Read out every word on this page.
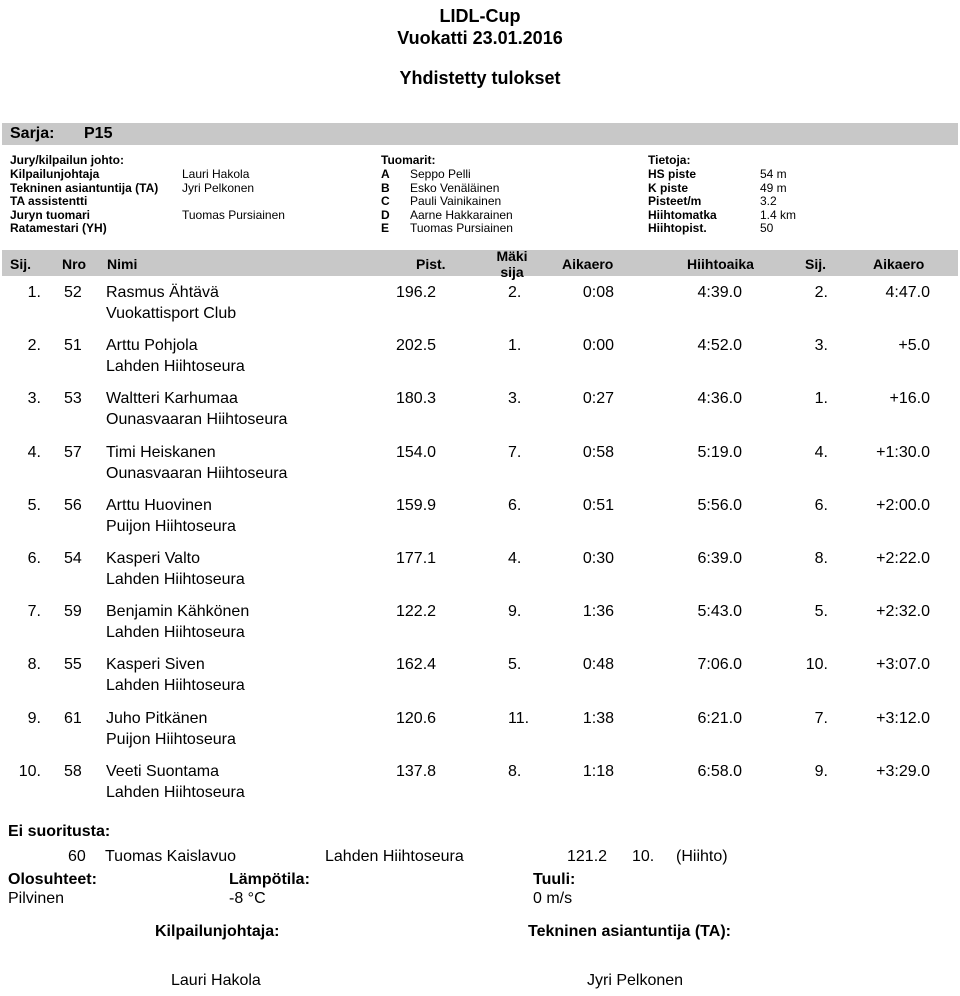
LIDL-Cup
Vuokatti 23.01.2016
Yhdistetty tulokset
Sarja: P15
Jury/kilpailun johto:
Kilpailunjohtaja	Lauri Hakola
Tekninen asiantuntija (TA) Jyri Pelkonen
TA assistentti
Juryn tuomari	Tuomas Pursiainen
Ratamestari (YH)
Tuomarit:
A Seppo Pelli
B Esko Venäläinen
C Pauli Vainikainen
D Aarne Hakkarainen
E Tuomas Pursiainen
Tietoja:
HS piste	54 m
K piste	49 m
Pisteet/m	3.2
Hiihtomatka	1.4 km
Hiihtopist.	50
Sij. Nro Nimi	Pist.	Mäki
sija	Aikaero	Hiihtoaika	Sij.	Aikaero
1. 52 Rasmus Ähtävä
Vuokattisport Club
196.2	2.	0:08	4:39.0	2.	4:47.0
2. 51 Arttu Pohjola
Lahden Hiihtoseura
202.5	1.	0:00	4:52.0	3.	+5.0
3. 53 Waltteri Karhumaa
Ounasvaaran Hiihtoseura
180.3	3.	0:27	4:36.0	1.	+16.0
4. 57 Timi Heiskanen
Ounasvaaran Hiihtoseura
154.0	7.	0:58	5:19.0	4.	+1:30.0
5. 56 Arttu Huovinen
Puijon Hiihtoseura
159.9	6.	0:51	5:56.0	6.	+2:00.0
6. 54 Kasperi Valto
Lahden Hiihtoseura
177.1	4.	0:30	6:39.0	8.	+2:22.0
7. 59 Benjamin Kähkönen
Lahden Hiihtoseura
122.2	9.	1:36	5:43.0	5.	+2:32.0
8. 55 Kasperi Siven
Lahden Hiihtoseura
162.4	5.	0:48	7:06.0	10.	+3:07.0
9. 61 Juho Pitkänen
Puijon Hiihtoseura
120.6	11.	1:38	6:21.0	7.	+3:12.0
10. 58 Veeti Suontama
Lahden Hiihtoseura
137.8	8.	1:18	6:58.0	9.	+3:29.0
Ei suoritusta:
60 Tuomas Kaislavuo	Lahden Hiihtoseura	121.2 10. (Hiihto)
Olosuhteet:
Pilvinen
Lämpötila:
-8 °C
Tuuli:
0 m/s
Kilpailunjohtaja:
Lauri Hakola
Tekninen asiantuntija (TA):
Jyri Pelkonen
